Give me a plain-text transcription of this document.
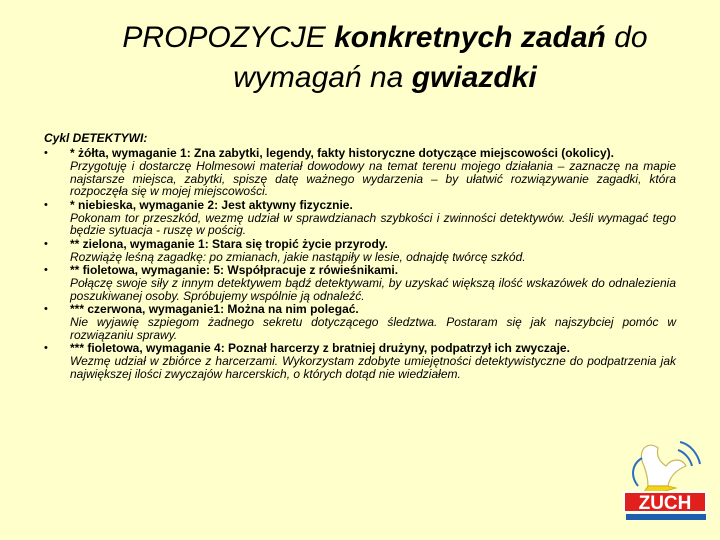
PROPOZYCJE konkretnych zadań do wymagań na gwiazdki
Cykl DETEKTYWI:
• * żółta, wymaganie 1: Zna zabytki, legendy, fakty historyczne dotyczące miejscowości (okolicy).
Przygotuję i dostarczę Holmesowi materiał dowodowy na temat terenu mojego działania – zaznaczę na mapie najstarsze miejsca, zabytki, spiszę datę ważnego wydarzenia – by ułatwić rozwiązywanie zagadki, która rozpoczęła się w mojej miejscowości.
• * niebieska, wymaganie 2: Jest aktywny fizycznie.
Pokonam tor przeszkód, wezmę udział w sprawdzianach szybkości i zwinności detektywów. Jeśli wymagać tego będzie sytuacja - ruszę w pościg.
• ** zielona, wymaganie 1: Stara się tropić życie przyrody.
Rozwiążę leśną zagadkę: po zmianach, jakie nastąpiły w lesie, odnajdę twórcę szkód.
• ** fioletowa, wymaganie: 5: Współpracuje z rówieśnikami.
Połączę swoje siły z innym detektywem bądź detektywami, by uzyskać większą ilość wskazówek do odnalezienia poszukiwanej osoby. Spróbujemy wspólnie ją odnaleźć.
• *** czerwona, wymaganie1: Można na nim polegać.
Nie wyjawię szpiegom żadnego sekretu dotyczącego śledztwa. Postaram się jak najszybciej pomóc w rozwiązaniu sprawy.
• *** fioletowa, wymaganie 4: Poznał harcerzy z bratniej drużyny, podpatrzył ich zwyczaje.
Wezmę udział w zbiórce z harcerzami. Wykorzystam zdobyte umiejętności detektywistyczne do podpatrzenia jak największej ilości zwyczajów harcerskich, o których dotąd nie wiedziałem.
ZUCH
